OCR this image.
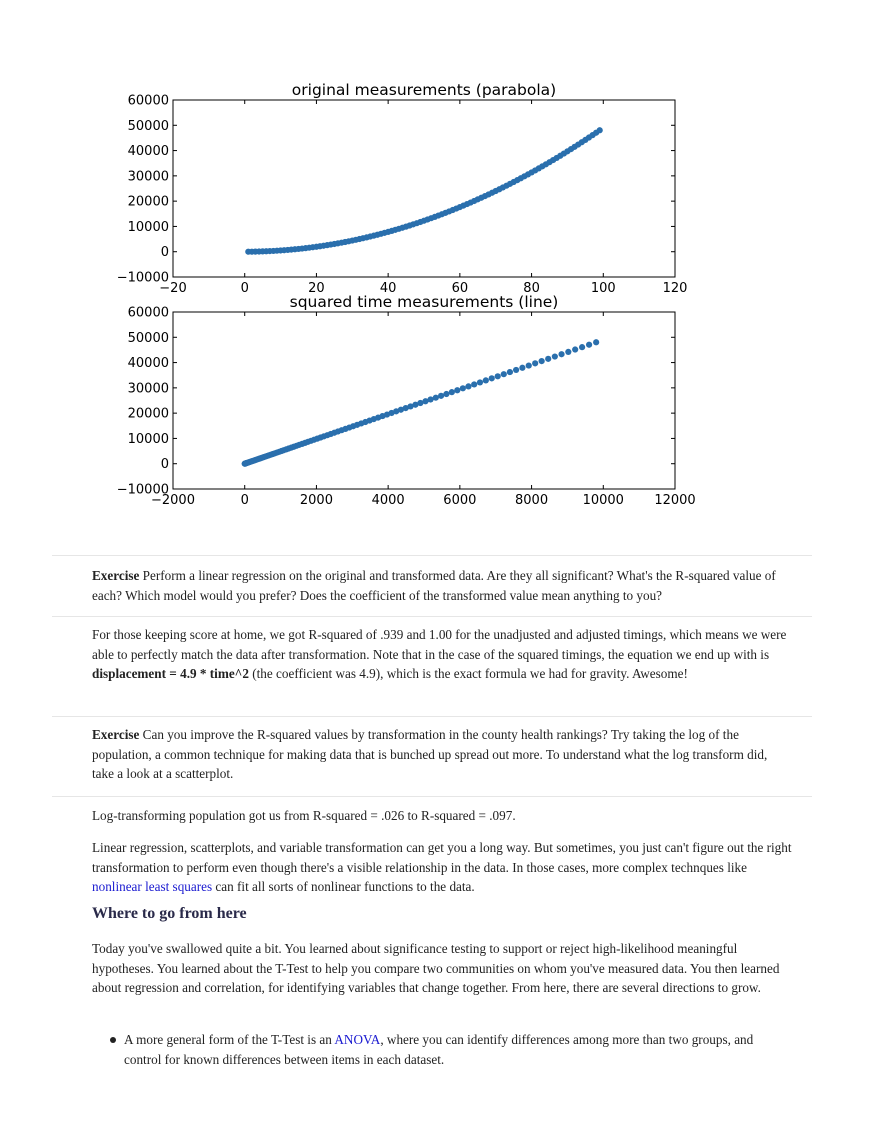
original measurements (parabola)
−20	0	20	40	60	80	100	120
−10000
0
10000
20000
30000
40000
50000
60000
squared time measurements (line)
−2000	0	2000	4000	6000	8000	10000 12000
−10000
0
10000
20000
30000
40000
50000
60000

Exercise Perform a linear regression on the original and transformed data. Are they all significant? What's the R-squared value of each? Which model would you prefer? Does the coefficient of the transformed value mean anything to you?

For those keeping score at home, we got R-squared of .939 and 1.00 for the unadjusted and adjusted timings, which means we were able to perfectly match the data after transformation. Note that in the case of the squared timings, the equation we end up with is displacement = 4.9 * time^2 (the coefficient was 4.9), which is the exact formula we had for gravity. Awesome!

Exercise Can you improve the R-squared values by transformation in the county health rankings? Try taking the log of the population, a common technique for making data that is bunched up spread out more. To understand what the log transform did, take a look at a scatterplot.

Log-transforming population got us from R-squared = .026 to R-squared = .097.

Linear regression, scatterplots, and variable transformation can get you a long way. But sometimes, you just can't figure out the right transformation to perform even though there's a visible relationship in the data. In those cases, more complex technques like nonlinear least squares can fit all sorts of nonlinear functions to the data.

Where to go from here

Today you've swallowed quite a bit. You learned about significance testing to support or reject high-likelihood meaningful hypotheses. You learned about the T-Test to help you compare two communities on whom you've measured data. You then learned about regression and correlation, for identifying variables that change together. From here, there are several directions to grow.

A more general form of the T-Test is an ANOVA, where you can identify differences among more than two groups, and control for known differences between items in each dataset.
